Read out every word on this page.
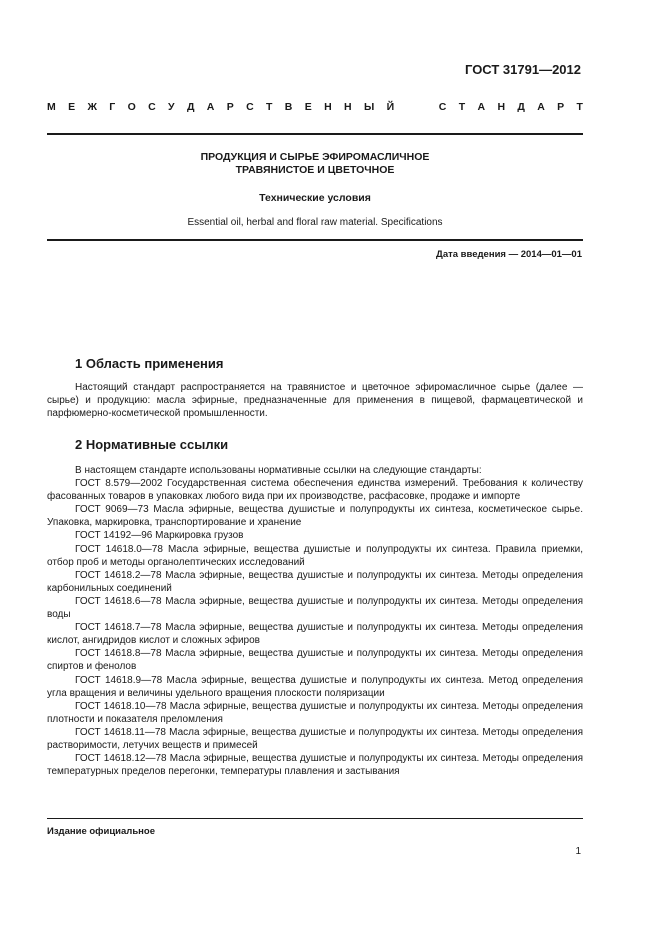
ГОСТ 31791—2012
М Е Ж Г О С У Д А Р С Т В Е Н Н Ы Й	С Т А Н Д А Р Т
ПРОДУКЦИЯ И СЫРЬЕ ЭФИРОМАСЛИЧНОЕ
ТРАВЯНИСТОЕ И ЦВЕТОЧНОЕ
Технические условия
Essential oil, herbal and floral raw material. Specifications
Дата введения — 2014—01—01
1 Область применения

Настоящий стандарт распространяется на травянистое и цветочное эфиромасличное сырье (далее — сырье) и продукцию: масла эфирные, предназначенные для применения в пищевой, фармацевтической и парфюмерно-косметической промышленности.

2 Нормативные ссылки

В настоящем стандарте использованы нормативные ссылки на следующие стандарты:

ГОСТ 8.579—2002 Государственная система обеспечения единства измерений. Требования к количеству фасованных товаров в упаковках любого вида при их производстве, расфасовке, продаже и импорте

ГОСТ 9069—73 Масла эфирные, вещества душистые и полупродукты их синтеза, косметическое сырье. Упаковка, маркировка, транспортирование и хранение

ГОСТ 14192—96 Маркировка грузов

ГОСТ 14618.0—78 Масла эфирные, вещества душистые и полупродукты их синтеза. Правила приемки, отбор проб и методы органолептических исследований

ГОСТ 14618.2—78 Масла эфирные, вещества душистые и полупродукты их синтеза. Методы определения карбонильных соединений

ГОСТ 14618.6—78 Масла эфирные, вещества душистые и полупродукты их синтеза. Методы определения воды

ГОСТ 14618.7—78 Масла эфирные, вещества душистые и полупродукты их синтеза. Методы определения кислот, ангидридов кислот и сложных эфиров

ГОСТ 14618.8—78 Масла эфирные, вещества душистые и полупродукты их синтеза. Методы определения спиртов и фенолов

ГОСТ 14618.9—78 Масла эфирные, вещества душистые и полупродукты их синтеза. Метод определения угла вращения и величины удельного вращения плоскости поляризации

ГОСТ 14618.10—78 Масла эфирные, вещества душистые и полупродукты их синтеза. Методы определения плотности и показателя преломления

ГОСТ 14618.11—78 Масла эфирные, вещества душистые и полупродукты их синтеза. Методы определения растворимости, летучих веществ и примесей

ГОСТ 14618.12—78 Масла эфирные, вещества душистые и полупродукты их синтеза. Методы определения температурных пределов перегонки, температуры плавления и застывания

Издание официальное
1
